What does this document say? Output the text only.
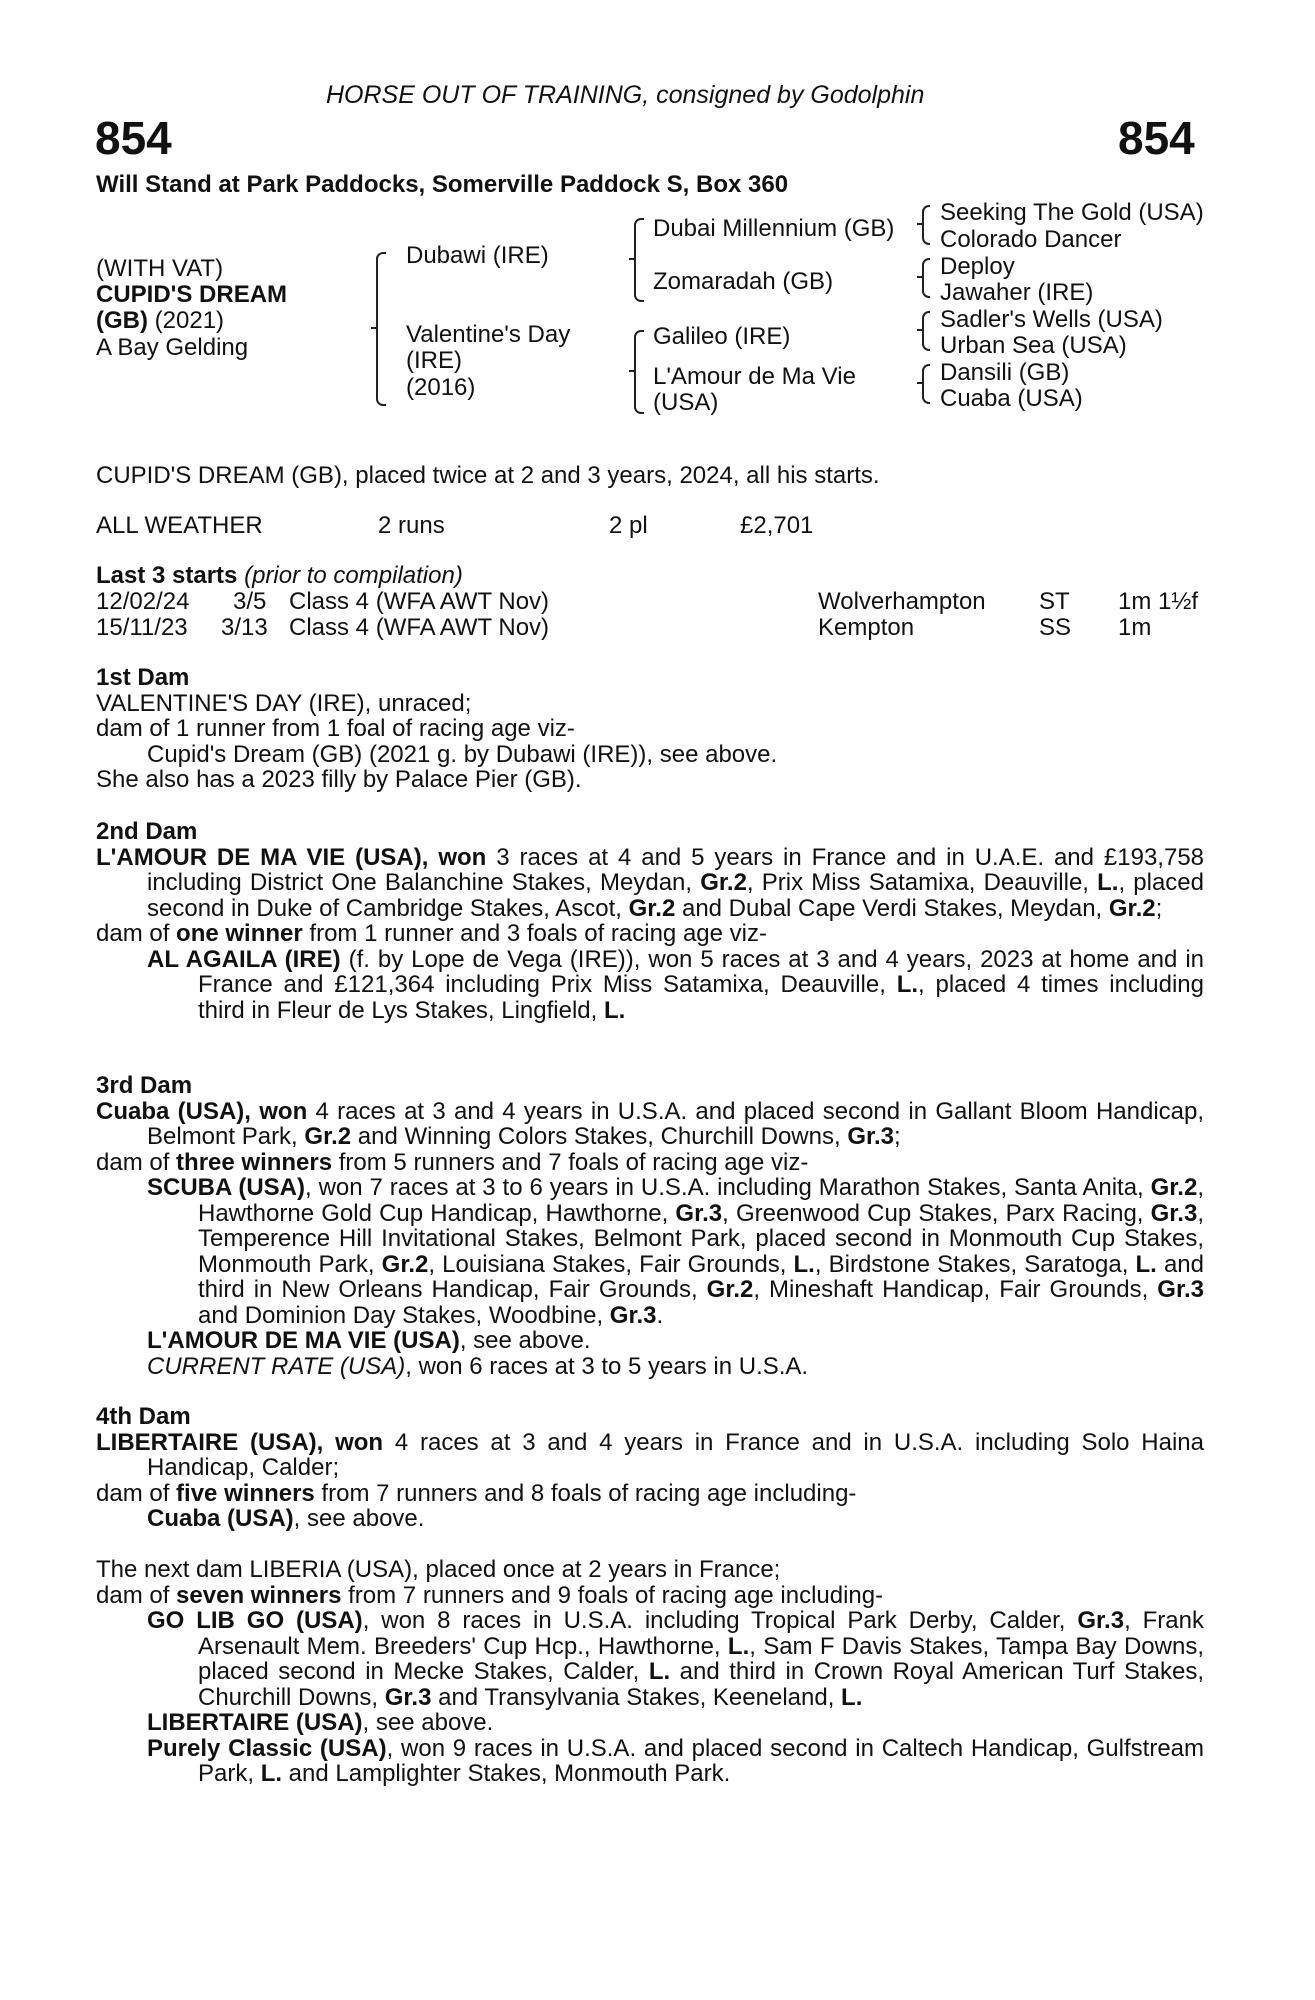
HORSE OUT OF TRAINING, consigned by Godolphin
854	854
Will Stand at Park Paddocks, Somerville Paddock S, Box 360
(WITH VAT)
CUPID'S DREAM
(GB) (2021)
A Bay Gelding
Dubawi (IRE)
Valentine's Day
(IRE)
(2016)
Dubai Millennium (GB)
Zomaradah (GB)
Galileo (IRE)
L'Amour de Ma Vie
(USA)
Seeking The Gold (USA)
Colorado Dancer
Deploy
Jawaher (IRE)
Sadler's Wells (USA)
Urban Sea (USA)
Dansili (GB)
Cuaba (USA)
CUPID'S DREAM (GB), placed twice at 2 and 3 years, 2024, all his starts.
ALL WEATHER	2 runs	2 pl	£2,701
Last 3 starts (prior to compilation)
12/02/24 3/5 Class 4 (WFA AWT Nov)	Wolverhampton ST 1m 1½f
15/11/23 3/13 Class 4 (WFA AWT Nov)	Kempton	SS 1m

1st Dam

VALENTINE'S DAY (IRE), unraced;

dam of 1 runner from 1 foal of racing age viz-

Cupid's Dream (GB) (2021 g. by Dubawi (IRE)), see above.

She also has a 2023 filly by Palace Pier (GB).

2nd Dam

L'AMOUR DE MA VIE (USA), won 3 races at 4 and 5 years in France and in U.A.E. and £193,758 including District One Balanchine Stakes, Meydan, Gr.2, Prix Miss Satamixa, Deauville, L., placed second in Duke of Cambridge Stakes, Ascot, Gr.2 and Dubal Cape Verdi Stakes, Meydan, Gr.2;

dam of one winner from 1 runner and 3 foals of racing age viz-

AL AGAILA (IRE) (f. by Lope de Vega (IRE)), won 5 races at 3 and 4 years, 2023 at home and in France and £121,364 including Prix Miss Satamixa, Deauville, L., placed 4 times including third in Fleur de Lys Stakes, Lingfield, L.

3rd Dam

Cuaba (USA), won 4 races at 3 and 4 years in U.S.A. and placed second in Gallant Bloom Handicap, Belmont Park, Gr.2 and Winning Colors Stakes, Churchill Downs, Gr.3;

dam of three winners from 5 runners and 7 foals of racing age viz-

SCUBA (USA), won 7 races at 3 to 6 years in U.S.A. including Marathon Stakes, Santa Anita, Gr.2, Hawthorne Gold Cup Handicap, Hawthorne, Gr.3, Greenwood Cup Stakes, Parx Racing, Gr.3, Temperence Hill Invitational Stakes, Belmont Park, placed second in Monmouth Cup Stakes, Monmouth Park, Gr.2, Louisiana Stakes, Fair Grounds, L., Birdstone Stakes, Saratoga, L. and third in New Orleans Handicap, Fair Grounds, Gr.2, Mineshaft Handicap, Fair Grounds, Gr.3 and Dominion Day Stakes, Woodbine, Gr.3.

L'AMOUR DE MA VIE (USA), see above.

CURRENT RATE (USA), won 6 races at 3 to 5 years in U.S.A.

4th Dam

LIBERTAIRE (USA), won 4 races at 3 and 4 years in France and in U.S.A. including Solo Haina Handicap, Calder;

dam of five winners from 7 runners and 8 foals of racing age including-

Cuaba (USA), see above.

The next dam LIBERIA (USA), placed once at 2 years in France;

dam of seven winners from 7 runners and 9 foals of racing age including-

GO LIB GO (USA), won 8 races in U.S.A. including Tropical Park Derby, Calder, Gr.3, Frank Arsenault Mem. Breeders' Cup Hcp., Hawthorne, L., Sam F Davis Stakes, Tampa Bay Downs, placed second in Mecke Stakes, Calder, L. and third in Crown Royal American Turf Stakes, Churchill Downs, Gr.3 and Transylvania Stakes, Keeneland, L.

LIBERTAIRE (USA), see above.

Purely Classic (USA), won 9 races in U.S.A. and placed second in Caltech Handicap, Gulfstream Park, L. and Lamplighter Stakes, Monmouth Park.
